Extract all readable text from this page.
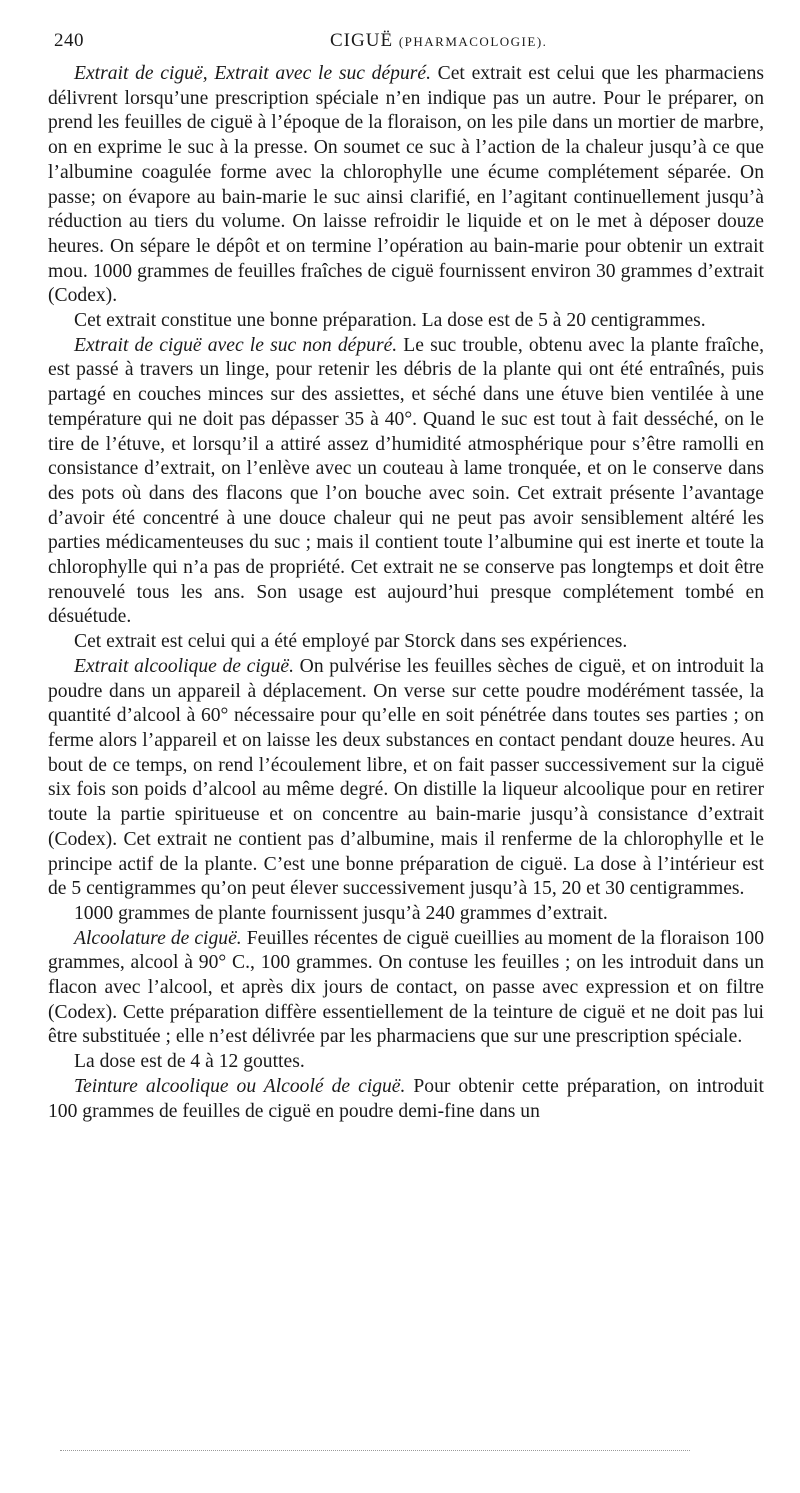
240	CIGUË (PHARMACOLOGIE).

Extrait de ciguë, Extrait avec le suc dépuré. Cet extrait est celui que les pharmaciens délivrent lorsqu’une prescription spéciale n’en indique pas un autre. Pour le préparer, on prend les feuilles de ciguë à l’époque de la floraison, on les pile dans un mortier de marbre, on en exprime le suc à la presse. On soumet ce suc à l’action de la chaleur jusqu’à ce que l’albumine coagulée forme avec la chlorophylle une écume complétement séparée. On passe; on évapore au bain-marie le suc ainsi clarifié, en l’agitant continuellement jusqu’à réduction au tiers du volume. On laisse refroidir le liquide et on le met à déposer douze heures. On sépare le dépôt et on termine l’opération au bain-marie pour obtenir un extrait mou. 1000 grammes de feuilles fraîches de ciguë fournissent environ 30 grammes d’extrait (Codex).

Cet extrait constitue une bonne préparation. La dose est de 5 à 20 centigrammes.

Extrait de ciguë avec le suc non dépuré. Le suc trouble, obtenu avec la plante fraîche, est passé à travers un linge, pour retenir les débris de la plante qui ont été entraînés, puis partagé en couches minces sur des assiettes, et séché dans une étuve bien ventilée à une température qui ne doit pas dépasser 35 à 40°. Quand le suc est tout à fait desséché, on le tire de l’étuve, et lorsqu’il a attiré assez d’humidité atmosphérique pour s’être ramolli en consistance d’extrait, on l’enlève avec un couteau à lame tronquée, et on le conserve dans des pots où dans des flacons que l’on bouche avec soin. Cet extrait présente l’avantage d’avoir été concentré à une douce chaleur qui ne peut pas avoir sensiblement altéré les parties médicamenteuses du suc ; mais il contient toute l’albumine qui est inerte et toute la chlorophylle qui n’a pas de propriété. Cet extrait ne se conserve pas longtemps et doit être renouvelé tous les ans. Son usage est aujourd’hui presque complétement tombé en désuétude.

Cet extrait est celui qui a été employé par Storck dans ses expériences.

Extrait alcoolique de ciguë. On pulvérise les feuilles sèches de ciguë, et on introduit la poudre dans un appareil à déplacement. On verse sur cette poudre modérément tassée, la quantité d’alcool à 60° nécessaire pour qu’elle en soit pénétrée dans toutes ses parties ; on ferme alors l’appareil et on laisse les deux substances en contact pendant douze heures. Au bout de ce temps, on rend l’écoulement libre, et on fait passer successivement sur la ciguë six fois son poids d’alcool au même degré. On distille la liqueur alcoolique pour en retirer toute la partie spiritueuse et on concentre au bain-marie jusqu’à consistance d’extrait (Codex). Cet extrait ne contient pas d’albumine, mais il renferme de la chlorophylle et le principe actif de la plante. C’est une bonne préparation de ciguë. La dose à l’intérieur est de 5 centigrammes qu’on peut élever successivement jusqu’à 15, 20 et 30 centigrammes.

1000 grammes de plante fournissent jusqu’à 240 grammes d’extrait.

Alcoolature de ciguë. Feuilles récentes de ciguë cueillies au moment de la floraison 100 grammes, alcool à 90° C., 100 grammes. On contuse les feuilles ; on les introduit dans un flacon avec l’alcool, et après dix jours de contact, on passe avec expression et on filtre (Codex). Cette préparation diffère essentiellement de la teinture de ciguë et ne doit pas lui être substituée ; elle n’est délivrée par les pharmaciens que sur une prescription spéciale.

La dose est de 4 à 12 gouttes.

Teinture alcoolique ou Alcoolé de ciguë. Pour obtenir cette préparation, on introduit 100 grammes de feuilles de ciguë en poudre demi-fine dans un
